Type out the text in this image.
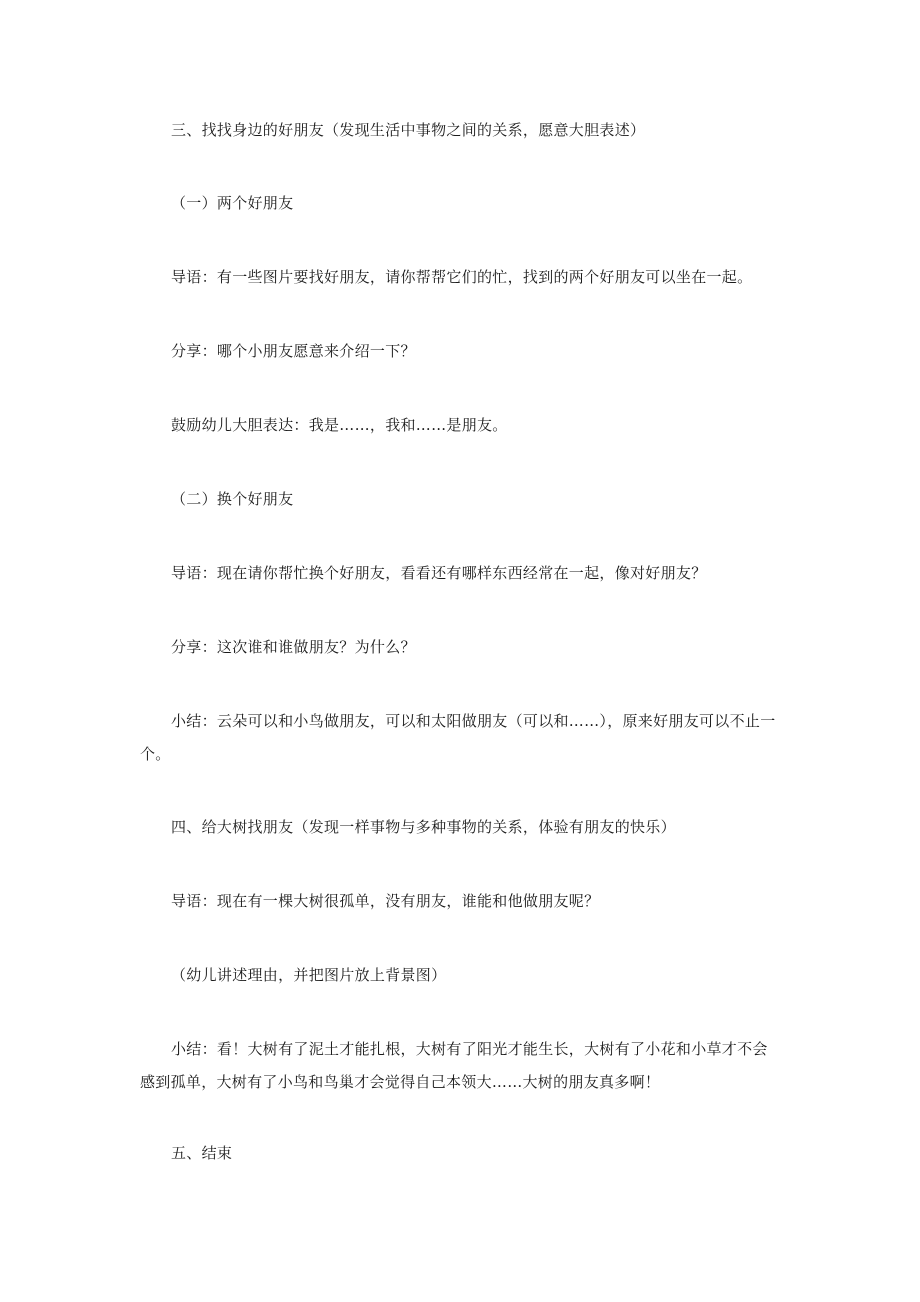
三、找找身边的好朋友（发现生活中事物之间的关系，愿意大胆表述）

（一）两个好朋友

导语：有一些图片要找好朋友，请你帮帮它们的忙，找到的两个好朋友可以坐在一起。

分享：哪个小朋友愿意来介绍一下？

鼓励幼儿大胆表达：我是……，我和……是朋友。

（二）换个好朋友

导语：现在请你帮忙换个好朋友，看看还有哪样东西经常在一起，像对好朋友？

分享：这次谁和谁做朋友？为什么？

小结：云朵可以和小鸟做朋友，可以和太阳做朋友（可以和……），原来好朋友可以不止一个。

四、给大树找朋友（发现一样事物与多种事物的关系，体验有朋友的快乐）

导语：现在有一棵大树很孤单，没有朋友，谁能和他做朋友呢？

（幼儿讲述理由，并把图片放上背景图）

小结：看！大树有了泥土才能扎根，大树有了阳光才能生长，大树有了小花和小草才不会感到孤单，大树有了小鸟和鸟巢才会觉得自己本领大……大树的朋友真多啊！

五、结束
